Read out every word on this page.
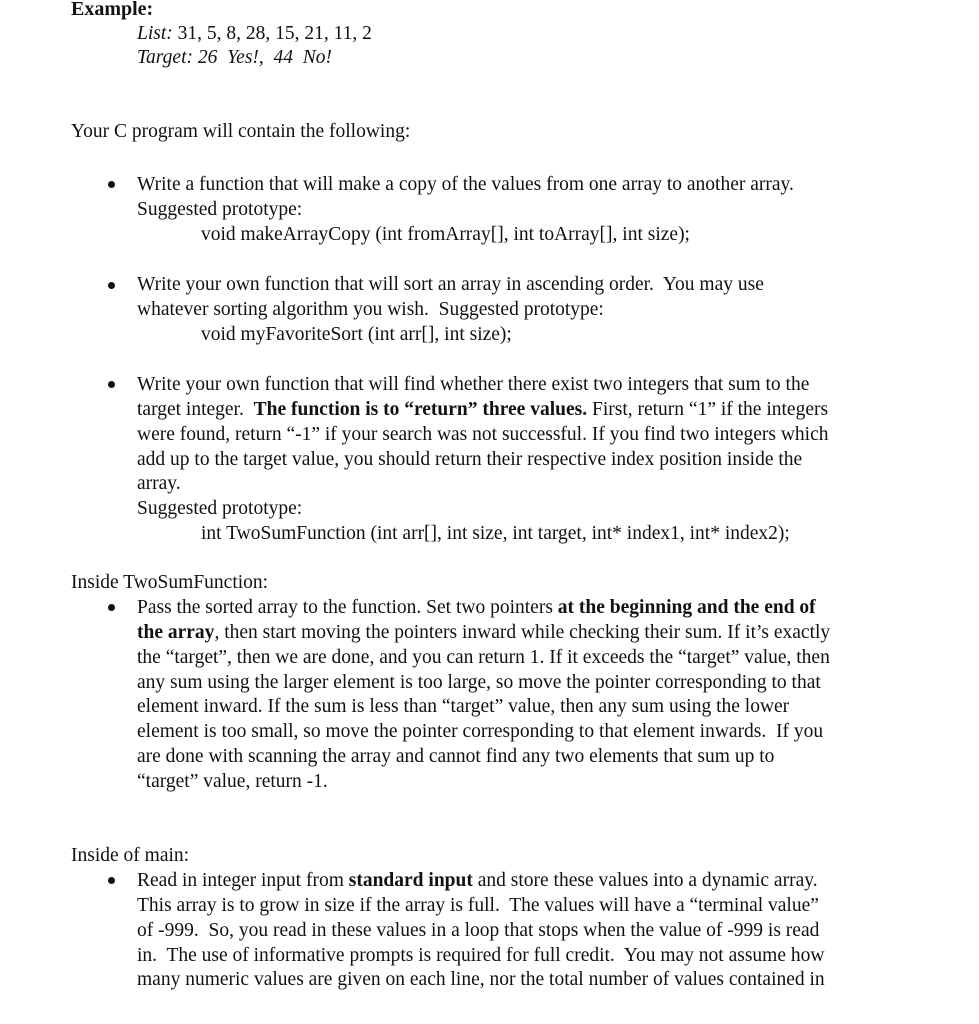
Example:
List: 31, 5, 8, 28, 15, 21, 11, 2
Target: 26  Yes!,  44  No!
Your C program will contain the following:
Write a function that will make a copy of the values from one array to another array.
Suggested prototype:
void makeArrayCopy (int fromArray[], int toArray[], int size);
Write your own function that will sort an array in ascending order.  You may use
whatever sorting algorithm you wish.  Suggested prototype:
void myFavoriteSort (int arr[], int size);
Write your own function that will find whether there exist two integers that sum to the
target integer.  The function is to “return” three values. First, return “1” if the integers
were found, return “-1” if your search was not successful. If you find two integers which
add up to the target value, you should return their respective index position inside the
array.
Suggested prototype:
int TwoSumFunction (int arr[], int size, int target, int* index1, int* index2);
Inside TwoSumFunction:
Pass the sorted array to the function. Set two pointers at the beginning and the end of
the array, then start moving the pointers inward while checking their sum. If it’s exactly
the “target”, then we are done, and you can return 1. If it exceeds the “target” value, then
any sum using the larger element is too large, so move the pointer corresponding to that
element inward. If the sum is less than “target” value, then any sum using the lower
element is too small, so move the pointer corresponding to that element inwards.  If you
are done with scanning the array and cannot find any two elements that sum up to
“target” value, return -1.
Inside of main:
Read in integer input from standard input and store these values into a dynamic array.
This array is to grow in size if the array is full.  The values will have a “terminal value”
of -999.  So, you read in these values in a loop that stops when the value of -999 is read
in.  The use of informative prompts is required for full credit.  You may not assume how
many numeric values are given on each line, nor the total number of values contained in
